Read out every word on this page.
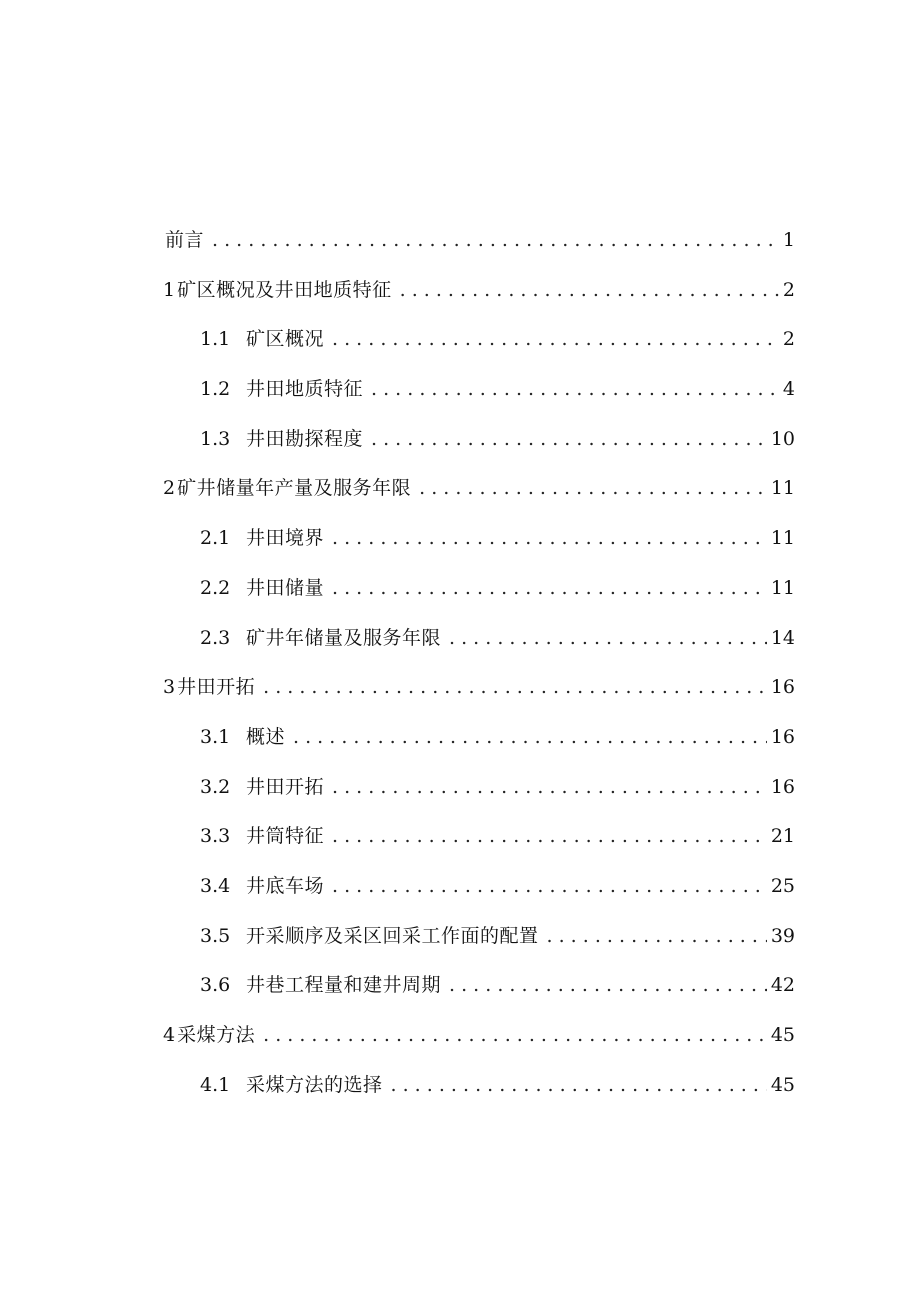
前言 . . .	1
1 矿区概况及井田地质特征 . . .	2
1.1 矿区概况 . . .	2
1.2 井田地质特征 . . .	4
1.3 井田勘探程度 . . .	10
2 矿井储量年产量及服务年限 . . .	11
2.1 井田境界 . . .	11
2.2 井田储量 . . .	11
2.3 矿井年储量及服务年限 . . .	14
3 井田开拓 . . .	16
3.1 概述 . . .	16
3.2 井田开拓 . . .	16
3.3 井筒特征 . . .	21
3.4 井底车场 . . .	25
3.5 开采顺序及采区回采工作面的配置 . . .	39
3.6 井巷工程量和建井周期 . . .	42
4 采煤方法 . . .	45
4.1 采煤方法的选择 . . .	45
